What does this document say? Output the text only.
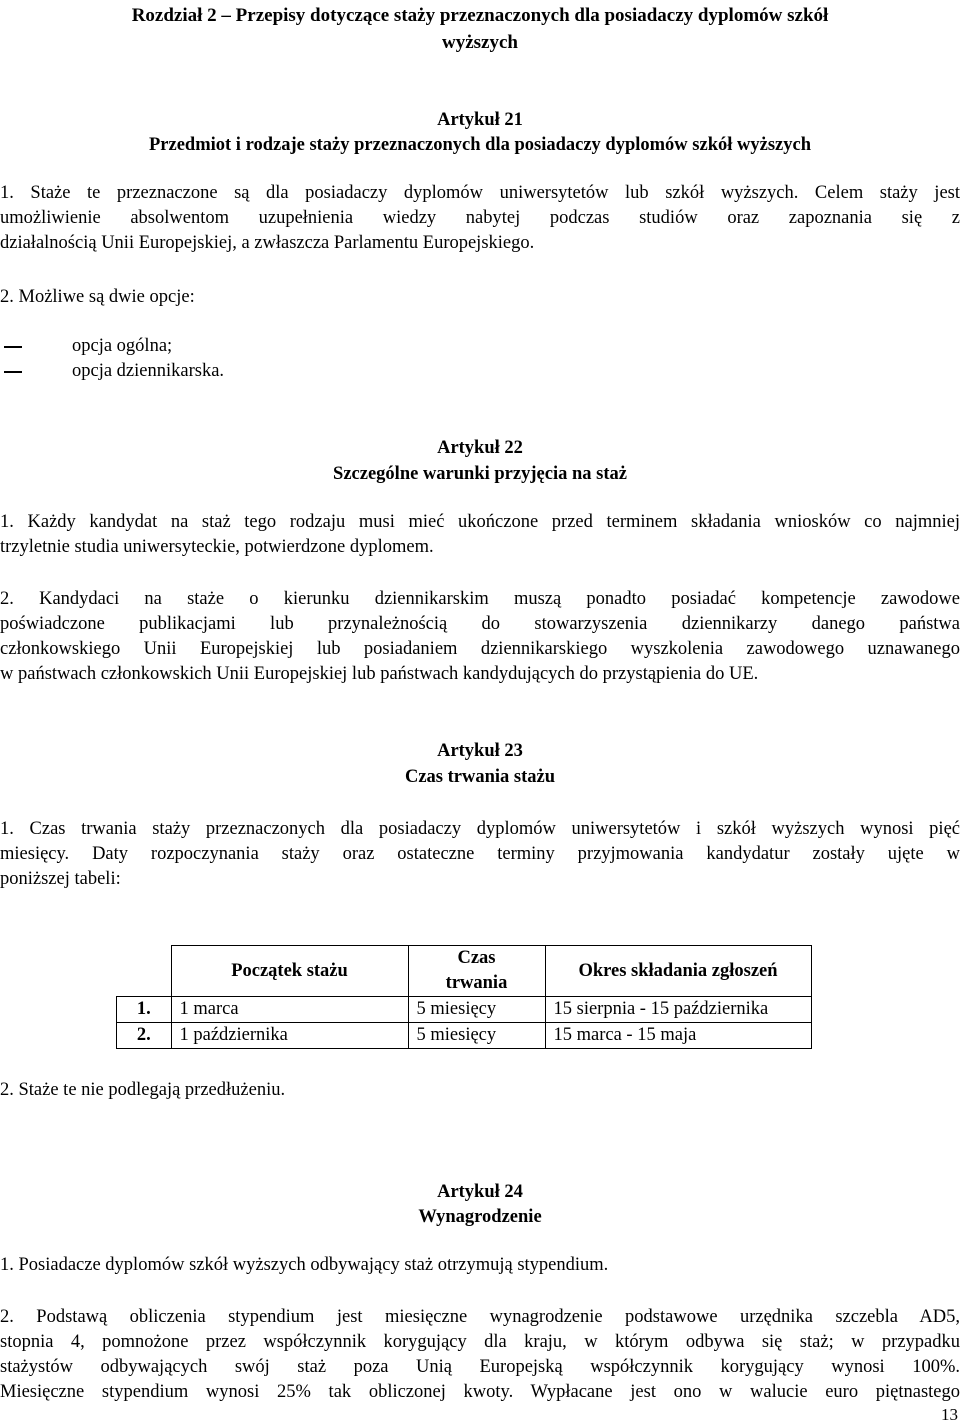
Rozdział 2 – Przepisy dotyczące staży przeznaczonych dla posiadaczy dyplomów szkół
wyższych
Artykuł 21
Przedmiot i rodzaje staży przeznaczonych dla posiadaczy dyplomów szkół wyższych
1. Staże te przeznaczone są dla posiadaczy dyplomów uniwersytetów lub szkół wyższych. Celem staży jest
umożliwienie absolwentom uzupełnienia wiedzy nabytej podczas studiów oraz zapoznania się z
działalnością Unii Europejskiej, a zwłaszcza Parlamentu Europejskiego.
2. Możliwe są dwie opcje:
opcja ogólna;
opcja dziennikarska.
Artykuł 22
Szczególne warunki przyjęcia na staż
1. Każdy kandydat na staż tego rodzaju musi mieć ukończone przed terminem składania wniosków co najmniej
trzyletnie studia uniwersyteckie, potwierdzone dyplomem.
2. Kandydaci na staże o kierunku dziennikarskim muszą ponadto posiadać kompetencje zawodowe
poświadczone publikacjami lub przynależnością do stowarzyszenia dziennikarzy danego państwa
członkowskiego Unii Europejskiej lub posiadaniem dziennikarskiego wyszkolenia zawodowego uznawanego
w państwach członkowskich Unii Europejskiej lub państwach kandydujących do przystąpienia do UE.
Artykuł 23
Czas trwania stażu
1. Czas trwania staży przeznaczonych dla posiadaczy dyplomów uniwersytetów i szkół wyższych wynosi pięć
miesięcy. Daty rozpoczynania staży oraz ostateczne terminy przyjmowania kandydatur zostały ujęte w
poniższej tabeli:
	Początek stażu	Czas trwania	Okres składania zgłoszeń
1.	1 marca	5 miesięcy	15 sierpnia - 15 października
2.	1 października	5 miesięcy	15 marca - 15 maja
2. Staże te nie podlegają przedłużeniu.
Artykuł 24
Wynagrodzenie
1. Posiadacze dyplomów szkół wyższych odbywający staż otrzymują stypendium.
2. Podstawą obliczenia stypendium jest miesięczne wynagrodzenie podstawowe urzędnika szczebla AD5,
stopnia 4, pomnożone przez współczynnik korygujący dla kraju, w którym odbywa się staż; w przypadku
stażystów odbywających swój staż poza Unią Europejską współczynnik korygujący wynosi 100%.
Miesięczne stypendium wynosi 25% tak obliczonej kwoty. Wypłacane jest ono w walucie euro piętnastego
13
